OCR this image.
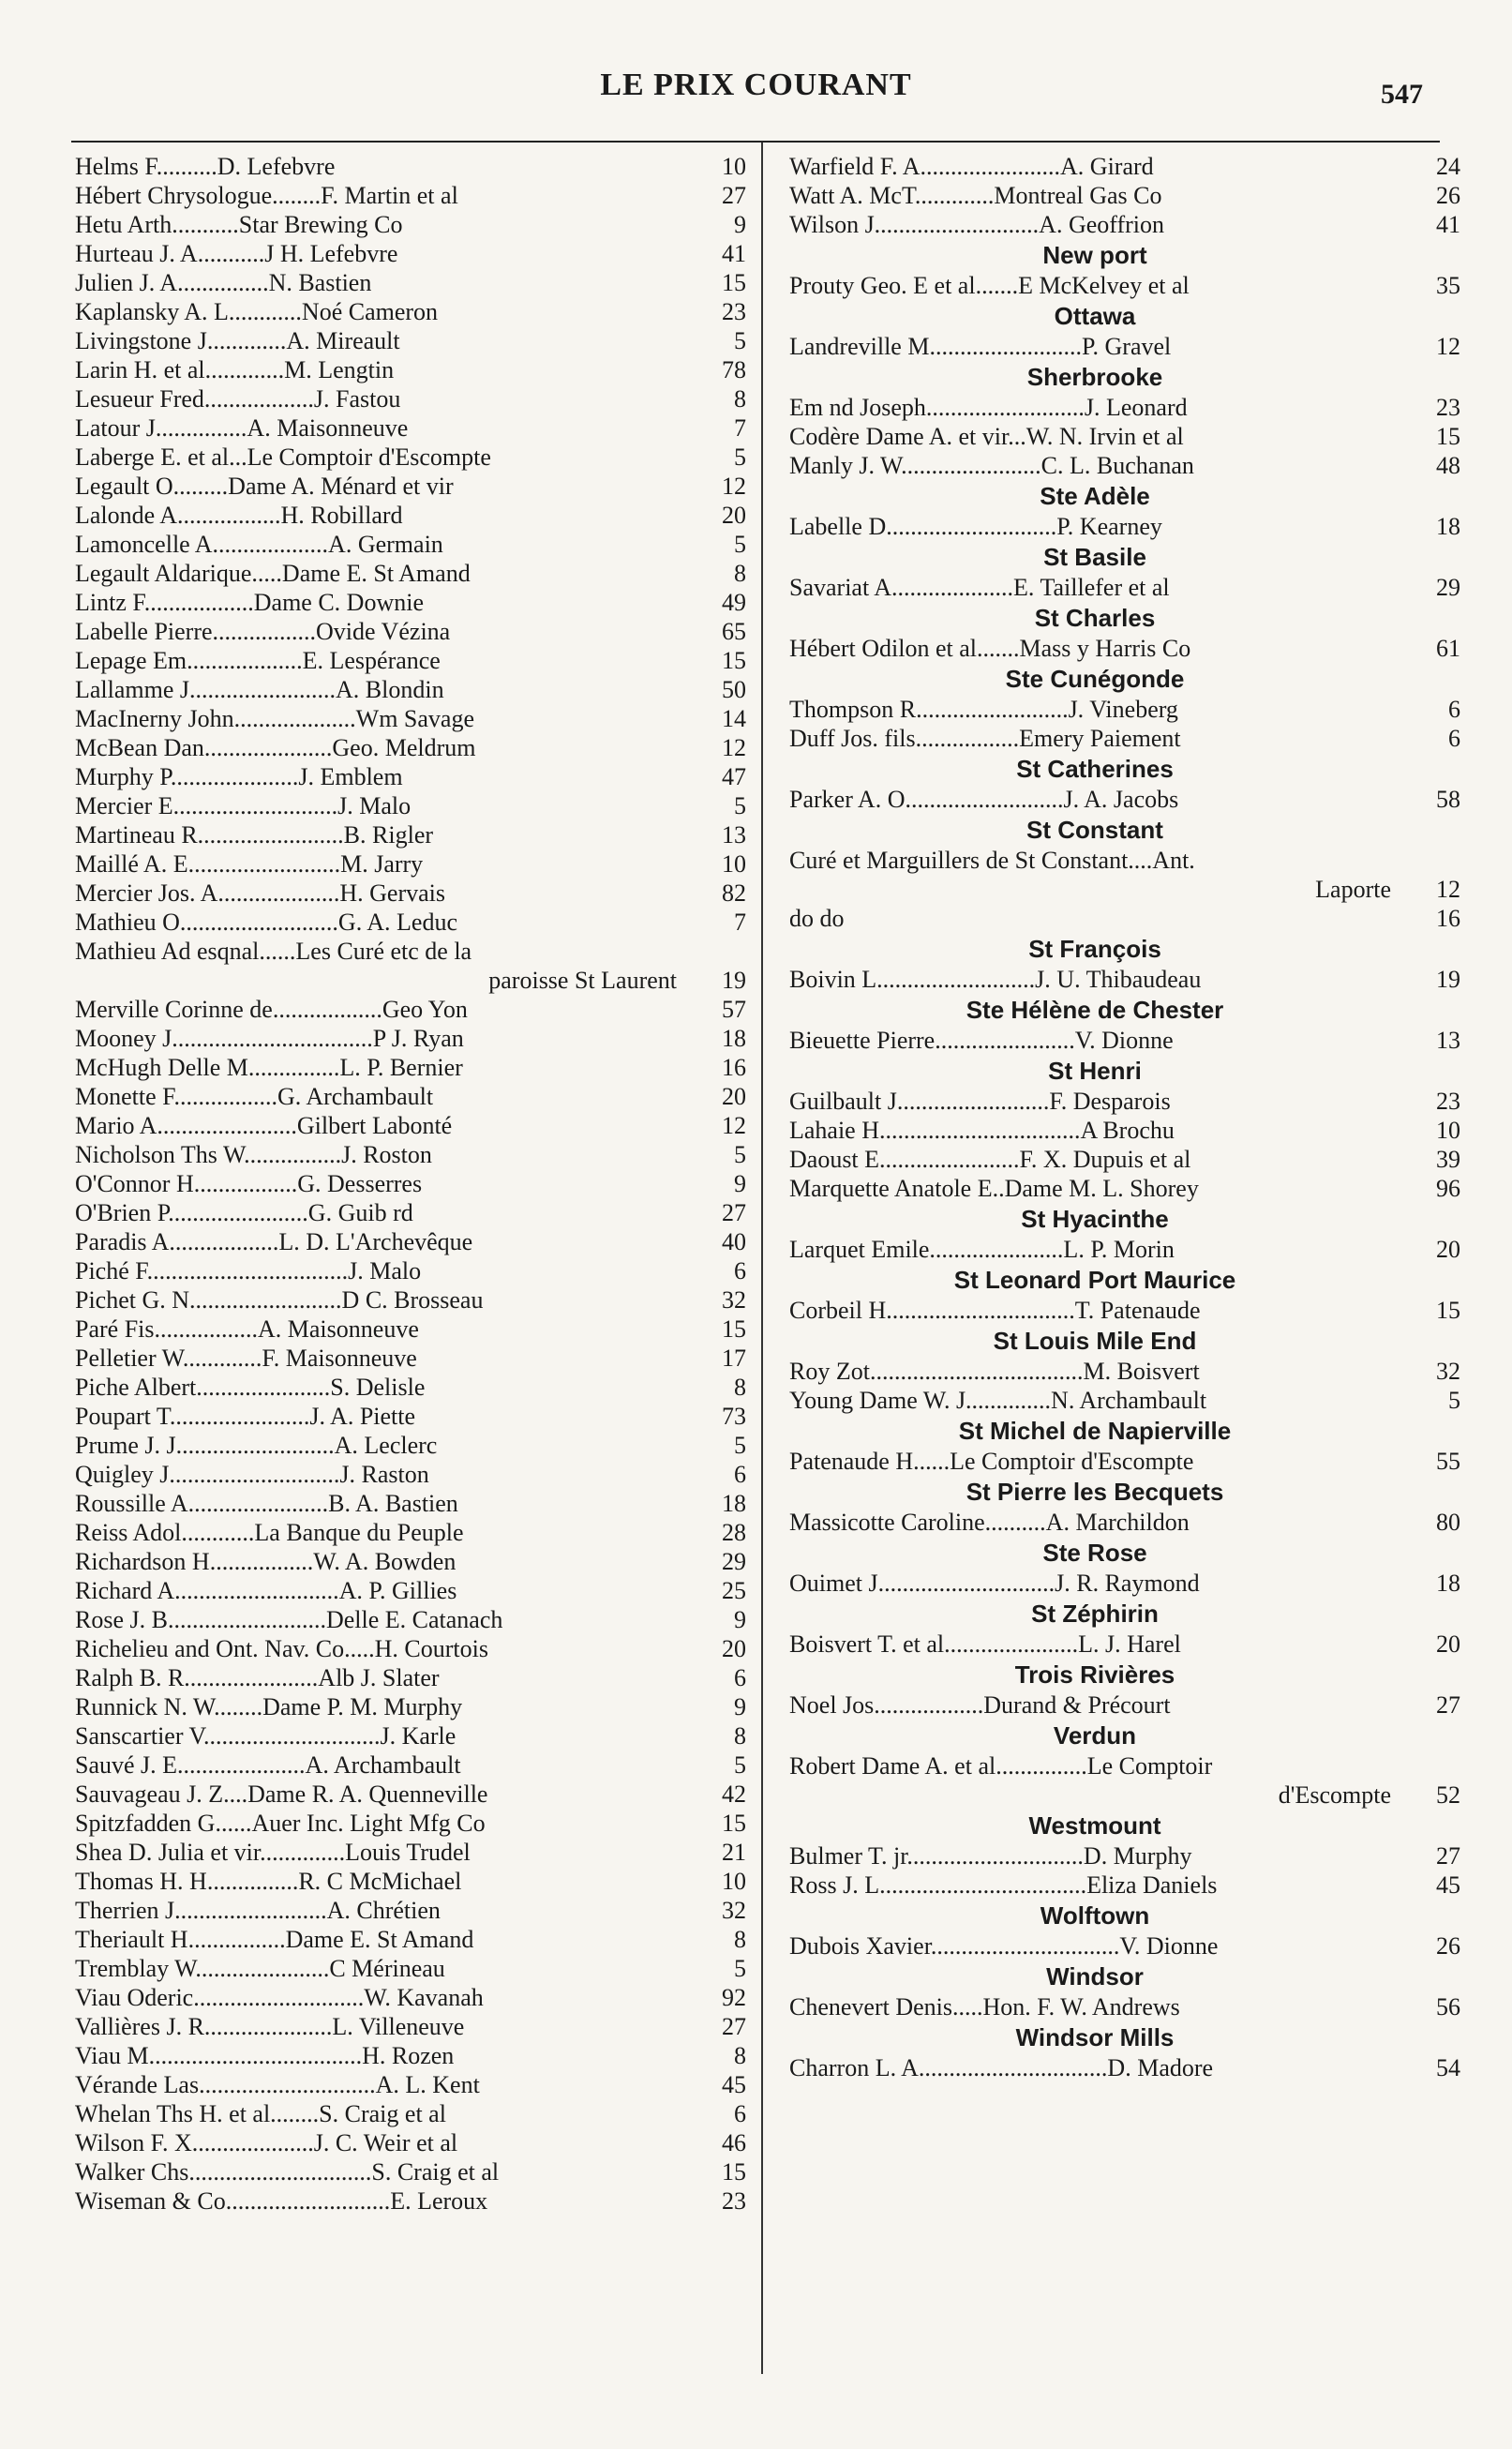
LE PRIX COURANT	547
Helms F..........D. Lefebvre	10
Hébert Chrysologue........F. Martin et al	27
Hetu Arth...........Star Brewing Co	9
Hurteau J. A...........J H. Lefebvre	41
Julien J. A...............N. Bastien	15
Kaplansky A. L............Noé Cameron	23
Livingstone J.............A. Mireault	5
Larin H. et al.............M. Lengtin	78
Lesueur Fred..................J. Fastou	8
Latour J...............A. Maisonneuve	7
Laberge E. et al...Le Comptoir d'Escompte	5
Legault O.........Dame A. Ménard et vir	12
Lalonde A.................H. Robillard	20
Lamoncelle A...................A. Germain	5
Legault Aldarique.....Dame E. St Amand	8
Lintz F..................Dame C. Downie	49
Labelle Pierre.................Ovide Vézina	65
Lepage Em...................E. Lespérance	15
Lallamme J........................A. Blondin	50
MacInerny John....................Wm Savage	14
McBean Dan.....................Geo. Meldrum	12
Murphy P.....................J. Emblem	47
Mercier E...........................J. Malo	5
Martineau R........................B. Rigler	13
Maillé A. E.........................M. Jarry	10
Mercier Jos. A....................H. Gervais	82
Mathieu O..........................G. A. Leduc	7
Mathieu Ad esqnal......Les Curé etc de la
paroisse St Laurent	19
Merville Corinne de..................Geo Yon	57
Mooney J.................................P J. Ryan	18
McHugh Delle M...............L. P. Bernier	16
Monette F.................G. Archambault	20
Mario A.......................Gilbert Labonté	12
Nicholson Ths W................J. Roston	5
O'Connor H.................G. Desserres	9
O'Brien P.......................G. Guib rd	27
Paradis A..................L. D. L'Archevêque	40
Piché F.................................J. Malo	6
Pichet G. N.........................D C. Brosseau	32
Paré Fis.................A. Maisonneuve	15
Pelletier W.............F. Maisonneuve	17
Piche Albert......................S. Delisle	8
Poupart T.......................J. A. Piette	73
Prume J. J..........................A. Leclerc	5
Quigley J............................J. Raston	6
Roussille A.......................B. A. Bastien	18
Reiss Adol............La Banque du Peuple	28
Richardson H.................W. A. Bowden	29
Richard A...........................A. P. Gillies	25
Rose J. B..........................Delle E. Catanach	9
Richelieu and Ont. Nav. Co.....H. Courtois	20
Ralph B. R......................Alb J. Slater	6
Runnick N. W........Dame P. M. Murphy	9
Sanscartier V.............................J. Karle	8
Sauvé J. E.....................A. Archambault	5
Sauvageau J. Z....Dame R. A. Quenneville	42
Spitzfadden G......Auer Inc. Light Mfg Co	15
Shea D. Julia et vir..............Louis Trudel	21
Thomas H. H...............R. C McMichael	10
Therrien J.........................A. Chrétien	32
Theriault H................Dame E. St Amand	8
Tremblay W......................C Mérineau	5
Viau Oderic............................W. Kavanah	92
Vallières J. R.....................L. Villeneuve	27
Viau M...................................H. Rozen	8
Vérande Las.............................A. L. Kent	45
Whelan Ths H. et al........S. Craig et al	6
Wilson F. X....................J. C. Weir et al	46
Walker Chs..............................S. Craig et al	15
Wiseman & Co...........................E. Leroux	23
Warfield F. A.......................A. Girard	24
Watt A. McT.............Montreal Gas Co	26
Wilson J...........................A. Geoffrion	41
New port
Prouty Geo. E et al.......E McKelvey et al	35
Ottawa
Landreville M.........................P. Gravel	12
Sherbrooke
Em nd Joseph..........................J. Leonard	23
Codère Dame A. et vir...W. N. Irvin et al	15
Manly J. W.......................C. L. Buchanan	48
Ste Adèle
Labelle D............................P. Kearney	18
St Basile
Savariat A....................E. Taillefer et al	29
St Charles
Hébert Odilon et al.......Mass y Harris Co	61
Ste Cunégonde
Thompson R.........................J. Vineberg	6
Duff Jos. fils.................Emery Paiement	6
St Catherines
Parker A. O..........................J. A. Jacobs	58
St Constant
Curé et Marguillers de St Constant....Ant.
Laporte	12
do do	16
St François
Boivin L..........................J. U. Thibaudeau	19
Ste Hélène de Chester
Bieuette Pierre.......................V. Dionne	13
St Henri
Guilbault J.........................F. Desparois	23
Lahaie H.................................A Brochu	10
Daoust E.......................F. X. Dupuis et al	39
Marquette Anatole E..Dame M. L. Shorey	96
St Hyacinthe
Larquet Emile......................L. P. Morin	20
St Leonard Port Maurice
Corbeil H...............................T. Patenaude	15
St Louis Mile End
Roy Zot...................................M. Boisvert	32
Young Dame W. J..............N. Archambault	5
St Michel de Napierville
Patenaude H......Le Comptoir d'Escompte	55
St Pierre les Becquets
Massicotte Caroline..........A. Marchildon	80
Ste Rose
Ouimet J.............................J. R. Raymond	18
St Zéphirin
Boisvert T. et al......................L. J. Harel	20
Trois Rivières
Noel Jos..................Durand & Précourt	27
Verdun
Robert Dame A. et al...............Le Comptoir
d'Escompte	52
Westmount
Bulmer T. jr.............................D. Murphy	27
Ross J. L..................................Eliza Daniels	45
Wolftown
Dubois Xavier...............................V. Dionne	26
Windsor
Chenevert Denis.....Hon. F. W. Andrews	56
Windsor Mills
Charron L. A...............................D. Madore	54
